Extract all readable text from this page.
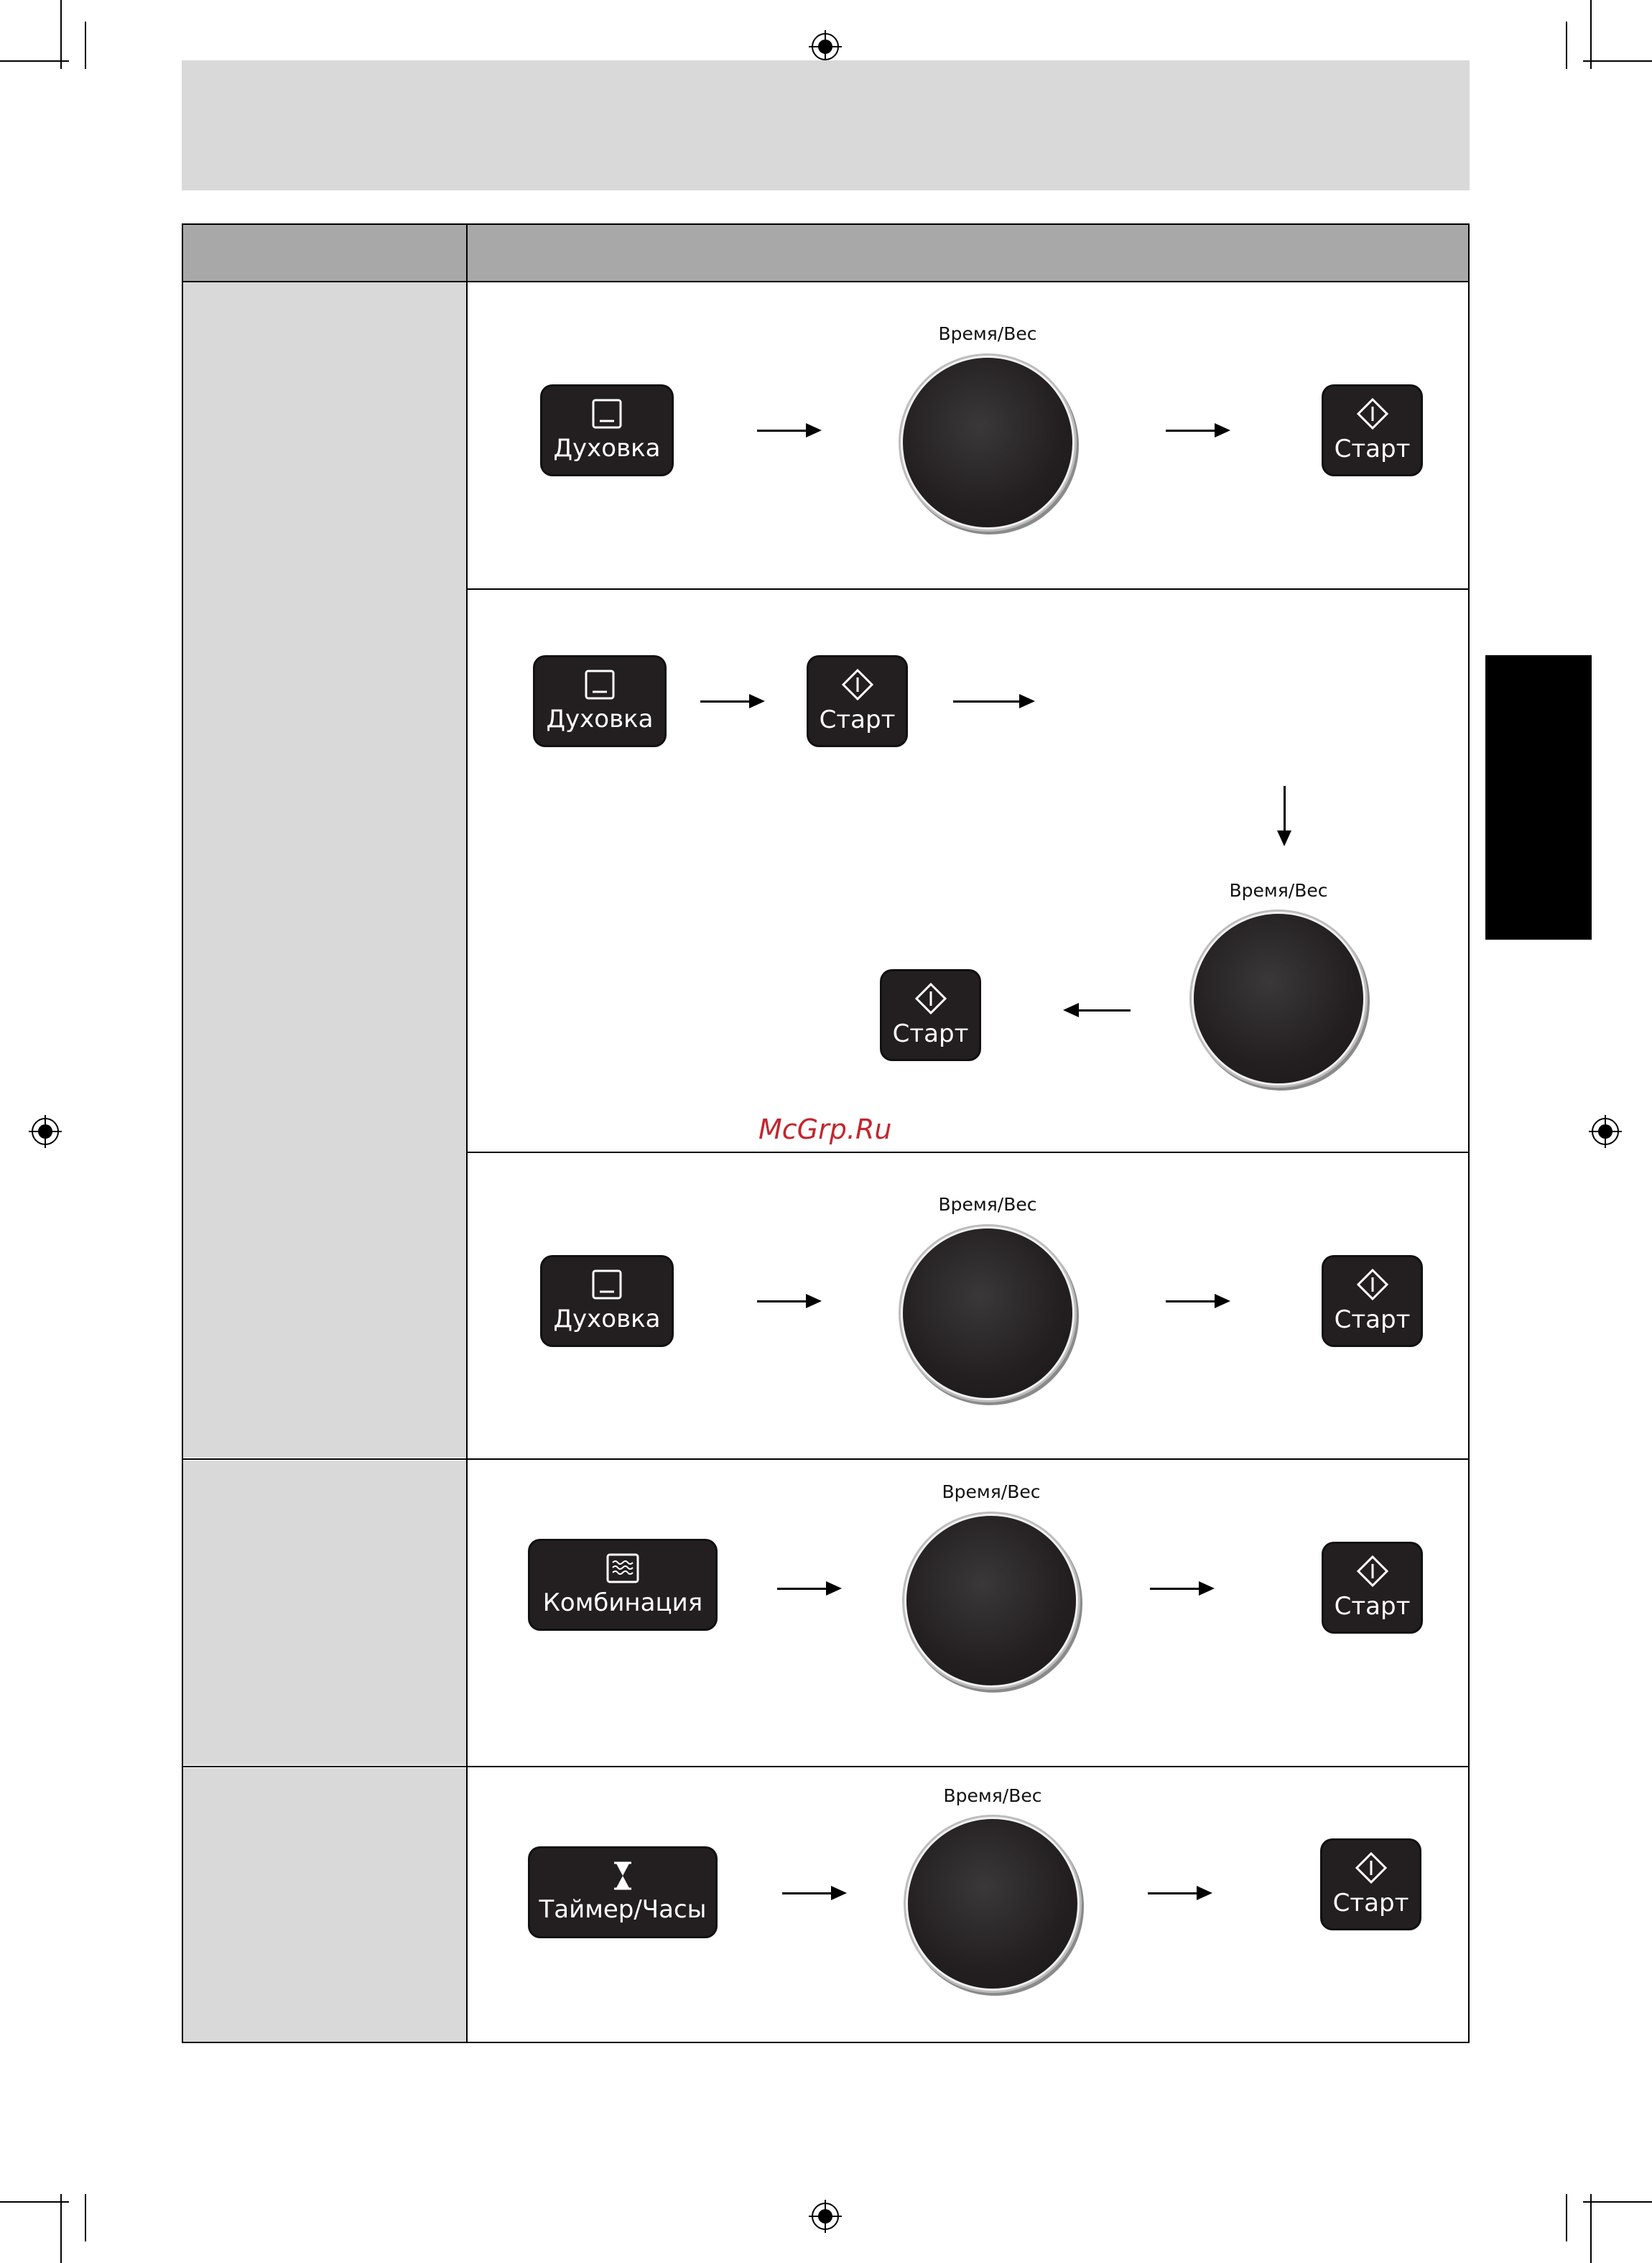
Духовка
Время/Вес
Старт
Духовка	Старт
Время/Вес
Старт
McGrp.Ru
Духовка
Время/Вес
Старт
Комбинация
Время/Вес
Старт
Таймер/Часы
Время/Вес
Старт
